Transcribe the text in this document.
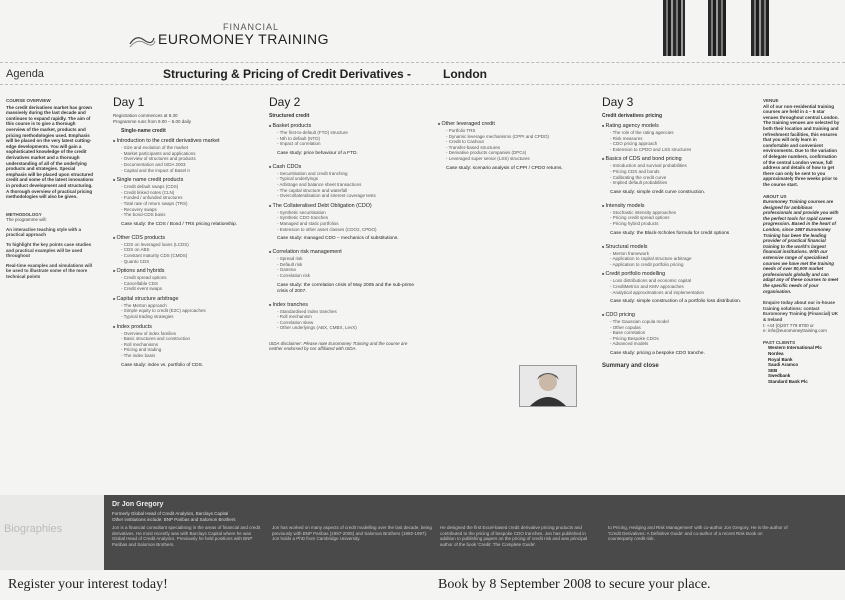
FINANCIAL
EUROMONEY TRAINING
Agenda	Structuring & Pricing of Credit Derivatives -	London
COURSE OVERVIEW
The credit derivatives market has grown massively during the last decade and continues to expand rapidly. The aim of this course is to give a thorough overview of the market, products and pricing methodologies used. Emphasis will be placed on the very latest cutting-edge developments. You will gain a sophisticated knowledge of the credit derivatives market and a thorough understanding of all of the underlying products and strategies. Special emphasis will be placed upon structured credit and some of the latest innovations in product development and structuring. A thorough overview of practical pricing methodologies will also be given.
METHODOLOGY
The programme will:
An interactive teaching style with a practical approach
To highlight the key points case studies and practical examples will be used throughout
Real-time examples and simulations will be used to illustrate some of the more technical points
Day 1
Registration commences at 8.30
Programme runs from 9.00 – 5.00 daily
Single-name credit
■ Introduction to the credit derivatives market
- Size and evolution of the market
- Market participants and applications
- Overview of structures and products
- Documentation and ISDA 2003
- Capital and the impact of Basel II
■ Single name credit products
- Credit default swaps (CDS)
- Credit linked notes (CLN)
- Funded / unfunded structures
- Total rate of return swaps (TRS)
- Recovery swaps
- The bond-CDS basis
Case study: the CDS / Bond / TRS pricing relationship.
■ Other CDS products
- CDS on leveraged loans (LCDS)
- CDS on ABS
- Constant maturity CDS (CMDS)
- Quanto CDS
■ Options and hybrids
- Credit spread options
- Cancellable CDS
- Credit event swaps
■ Capital structure arbitrage
- The Merton approach
- Simple equity to credit (E2C) approaches
- Typical trading strategies
■ Index products
- Overview of index families
- Basic structures and construction
- Roll mechanisms
- Pricing and trading
- The index basis
Case study: index vs. portfolio of CDS.
Day 2
Structured credit
■ Basket products
- The first-to-default (FTD) structure
- Nth to default (NTD)
- Impact of correlation
Case study: price behaviour of a FTD.
■ Cash CDOs
- Securitisation and credit tranching
- Typical underlyings
- Arbitrage and balance sheet transactions
- The capital structure and waterfall
- Overcollateralisation and interest coverage tests
■ The Collateralised Debt Obligation (CDO)
- Synthetic securitisation
- Synthetic CDO tranches
- Managed and static portfolios
- Extension to other asset classes (CDO2, CPDO)
Case study: managed CDO – mechanics of substitutions.
■ Correlation risk management
- Spread risk
- Default risk
- Gamma
- Correlation risk
Case study: the correlation crisis of May 2005 and the sub-prime crisis of 2007.
■ Index tranches
- Standardised index tranches
- Roll mechanism
- Correlation skew
- Other underlyings (ABX, CMBX, LevX)
ISDA disclaimer: Please note Euromoney Training and the course are neither endorsed by nor affiliated with ISDA.
■ Other leveraged credit
- Portfolio TRS
- Dynamic leverage mechanisms (CPPI and CPDO)
- Credit to Cashout
- Transfer-based structures
- Derivative products companies (DPCs)
- Leveraged super senior (LSS) structures
Case study: scenario analysis of CPPI / CPDO returns.
Day 3
Credit derivatives pricing
■ Rating agency models
- The role of the rating agencies
- Risk measures
- CDO pricing approach
- Extension to CPDO and LSS structures
■ Basics of CDS and bond pricing
- Introduction and survival probabilities
- Pricing CDS and bonds
- Calibrating the credit curve
- Implied default probabilities
Case study: simple credit curve construction.
■ Intensity models
- Stochastic intensity approaches
- Pricing credit spread options
- Pricing hybrid products
Case study: the Black-Scholes formula for credit options
■ Structural models
- Merton framework
- Application to capital structure arbitrage
- Application to credit portfolio pricing
■ Credit portfolio modelling
- Loss distributions and economic capital
- CreditMetrics and KMV approaches
- Analytical approximations and implementation
Case study: simple construction of a portfolio loss distribution.
■ CDO pricing
- The Gaussian copula model
- Other copulas
- Base correlation
- Pricing Bespoke CDOs
- Advanced models
Case study: pricing a bespoke CDO tranche.
Summary and close
VENUE
All of our non-residential training courses are held in 4 – 5 star venues throughout central London. The training venues are selected by both their location and training and refreshment facilities, this ensures that you will only learn in comfortable and convenient environments. Due to the variation of delegate numbers, confirmation of the central London venue, full address and details of how to get there can only be sent to you approximately three weeks prior to the course start.
ABOUT US
Euromoney Training courses are designed for ambitious professionals and provide you with the perfect tools for rapid career progression. Based in the heart of London, since 1987 Euromoney Training has been the leading provider of practical financial training to the world's largest financial institutions. With our extensive range of specialised courses we have met the training needs of over 80,000 market professionals globally and can adapt any of these courses to meet the specific needs of your organisation.
Enquire today about our in-house training solutions: contact Euromoney Training (Financial) UK & Ireland
t: +44 (0)207 779 8700 or
e: info@euromoneytraining.com
PAST CLIENTS
Western International Plc
Nordea
Royal Bank
Saudi Aramco
SEB
Swedbank
Standard Bank Plc
Biographies
Dr Jon Gregory
Formerly Global Head of Credit Analytics, Barclays Capital
Other institutions include: BNP Paribas and Salomon Brothers
Jon is a financial consultant specialising in the areas of financial and credit derivatives. He most recently was with Barclays Capital where he was Global Head of Credit Analytics. Previously he held positions with BNP Paribas and Salomon Brothers.
Jon has worked on many aspects of credit modelling over the last decade, being previously with BNP Paribas (1997-2005) and Salomon Brothers (1992-1997). Jon holds a PhD from Cambridge University.
He designed the first Excel-based credit derivative pricing products and contributed to the pricing of bespoke CDO tranches. Jon has published in addition to publishing papers on the pricing of credit risk and was principal author of the book 'Credit: The Complete Guide'.
to Pricing, Hedging and Risk Management' with co-author Jon Gregory. He is the author of 'Credit Derivatives: A Definitive Guide' and co-author of a recent Risk Book on counterparty credit risk.
Register your interest today!	Book by 8 September 2008 to secure your place.
